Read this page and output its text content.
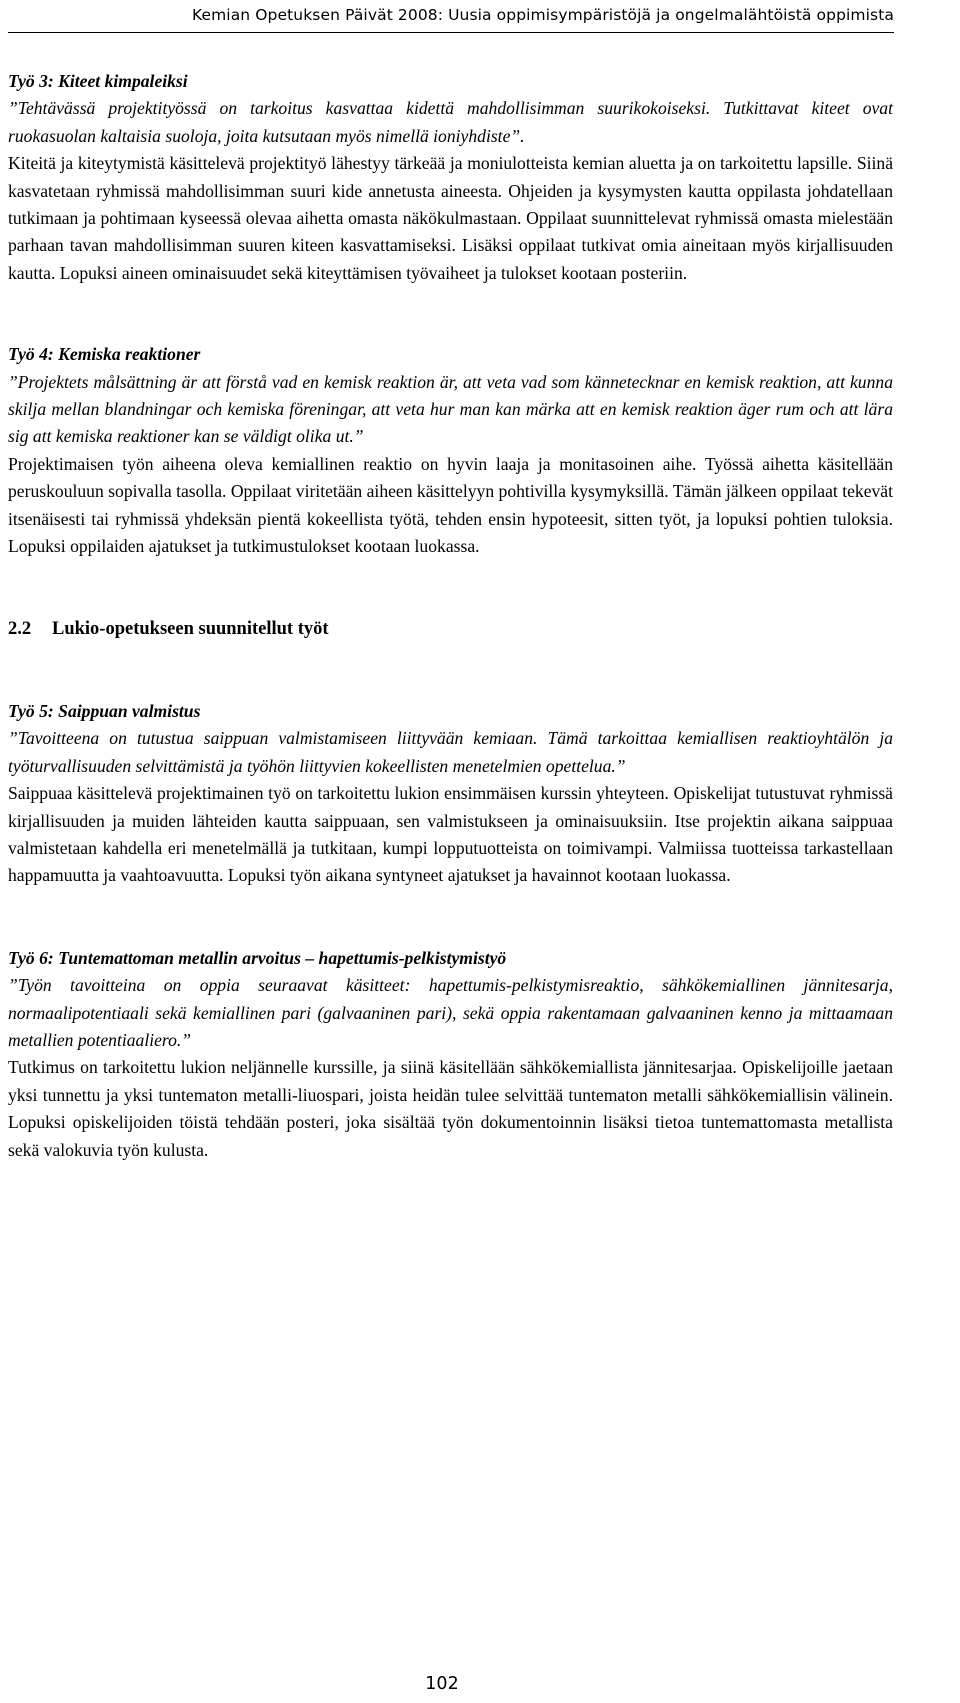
Kemian Opetuksen Päivät 2008: Uusia oppimisympäristöjä ja ongelmalähtöistä oppimista

Työ 3: Kiteet kimpaleiksi

”Tehtävässä projektityössä on tarkoitus kasvattaa kidettä mahdollisimman suurikokoiseksi. Tutkittavat kiteet ovat ruokasuolan kaltaisia suoloja, joita kutsutaan myös nimellä ioniyhdiste”.

Kiteitä ja kiteytymistä käsittelevä projektityö lähestyy tärkeää ja moniulotteista kemian aluetta ja on tarkoitettu lapsille. Siinä kasvatetaan ryhmissä mahdollisimman suuri kide annetusta aineesta. Ohjeiden ja kysymysten kautta oppilasta johdatellaan tutkimaan ja pohtimaan kyseessä olevaa aihetta omasta näkökulmastaan. Oppilaat suunnittelevat ryhmissä omasta mielestään parhaan tavan mahdollisimman suuren kiteen kasvattamiseksi. Lisäksi oppilaat tutkivat omia aineitaan myös kirjallisuuden kautta. Lopuksi aineen ominaisuudet sekä kiteyttämisen työvaiheet ja tulokset kootaan posteriin.

Työ 4: Kemiska reaktioner

”Projektets målsättning är att förstå vad en kemisk reaktion är, att veta vad som kännetecknar en kemisk reaktion, att kunna skilja mellan blandningar och kemiska föreningar, att veta hur man kan märka att en kemisk reaktion äger rum och att lära sig att kemiska reaktioner kan se väldigt olika ut.”

Projektimaisen työn aiheena oleva kemiallinen reaktio on hyvin laaja ja monitasoinen aihe. Työssä aihetta käsitellään peruskouluun sopivalla tasolla. Oppilaat viritetään aiheen käsittelyyn pohtivilla kysymyksillä. Tämän jälkeen oppilaat tekevät itsenäisesti tai ryhmissä yhdeksän pientä kokeellista työtä, tehden ensin hypoteesit, sitten työt, ja lopuksi pohtien tuloksia. Lopuksi oppilaiden ajatukset ja tutkimustulokset kootaan luokassa.

2.2 Lukio-opetukseen suunnitellut työt

Työ 5: Saippuan valmistus

”Tavoitteena on tutustua saippuan valmistamiseen liittyvään kemiaan. Tämä tarkoittaa kemiallisen reaktioyhtälön ja työturvallisuuden selvittämistä ja työhön liittyvien kokeellisten menetelmien opettelua.”

Saippuaa käsittelevä projektimainen työ on tarkoitettu lukion ensimmäisen kurssin yhteyteen. Opiskelijat tutustuvat ryhmissä kirjallisuuden ja muiden lähteiden kautta saippuaan, sen valmistukseen ja ominaisuuksiin. Itse projektin aikana saippuaa valmistetaan kahdella eri menetelmällä ja tutkitaan, kumpi lopputuotteista on toimivampi. Valmiissa tuotteissa tarkastellaan happamuutta ja vaahtoavuutta. Lopuksi työn aikana syntyneet ajatukset ja havainnot kootaan luokassa.

Työ 6: Tuntemattoman metallin arvoitus – hapettumis-pelkistymistyö

”Työn tavoitteina on oppia seuraavat käsitteet: hapettumis-pelkistymisreaktio, sähkökemiallinen jännitesarja, normaalipotentiaali sekä kemiallinen pari (galvaaninen pari), sekä oppia rakentamaan galvaaninen kenno ja mittaamaan metallien potentiaaliero.”

Tutkimus on tarkoitettu lukion neljännelle kurssille, ja siinä käsitellään sähkökemiallista jännitesarjaa. Opiskelijoille jaetaan yksi tunnettu ja yksi tuntematon metalli-liuospari, joista heidän tulee selvittää tuntematon metalli sähkökemiallisin välinein. Lopuksi opiskelijoiden töistä tehdään posteri, joka sisältää työn dokumentoinnin lisäksi tietoa tuntemattomasta metallista sekä valokuvia työn kulusta.

102
